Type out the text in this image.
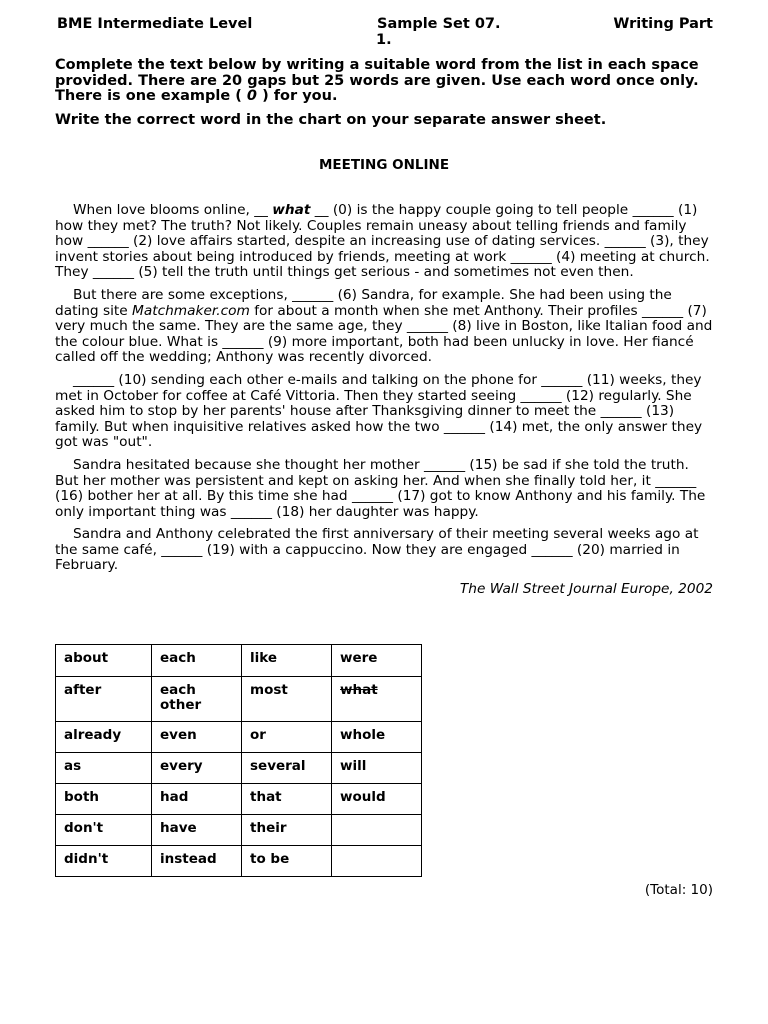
BME Intermediate Level	Sample Set 07.
1.
Writing Part
Complete the text below by writing a suitable word from the list in each space provided. There are 20 gaps but 25 words are given. Use each word once only. There is one example ( 0 ) for you.
Write the correct word in the chart on your separate answer sheet.
MEETING ONLINE

When love blooms online, __ what __ (0) is the happy couple going to tell people ______ (1) how they met? The truth? Not likely. Couples remain uneasy about telling friends and family how ______ (2) love affairs started, despite an increasing use of dating services. ______ (3), they invent stories about being introduced by friends, meeting at work ______ (4) meeting at church. They ______ (5) tell the truth until things get serious - and sometimes not even then.

But there are some exceptions, ______ (6) Sandra, for example. She had been using the dating site Matchmaker.com for about a month when she met Anthony. Their profiles ______ (7) very much the same. They are the same age, they ______ (8) live in Boston, like Italian food and the colour blue. What is ______ (9) more important, both had been unlucky in love. Her fiancé called off the wedding; Anthony was recently divorced.

______ (10) sending each other e-mails and talking on the phone for ______ (11) weeks, they met in October for coffee at Café Vittoria. Then they started seeing ______ (12) regularly. She asked him to stop by her parents' house after Thanksgiving dinner to meet the ______ (13) family. But when inquisitive relatives asked how the two ______ (14) met, the only answer they got was "out".

Sandra hesitated because she thought her mother ______ (15) be sad if she told the truth. But her mother was persistent and kept on asking her. And when she finally told her, it ______ (16) bother her at all. By this time she had ______ (17) got to know Anthony and his family. The only important thing was ______ (18) her daughter was happy.

Sandra and Anthony celebrated the first anniversary of their meeting several weeks ago at the same café, ______ (19) with a cappuccino. Now they are engaged ______ (20) married in February.

The Wall Street Journal Europe, 2002
about	each	like	were
after	each other	most	what
already	even	or	whole
as	every	several	will
both	had	that	would
don't	have	their	
didn't	instead	to be	
(Total: 10)
